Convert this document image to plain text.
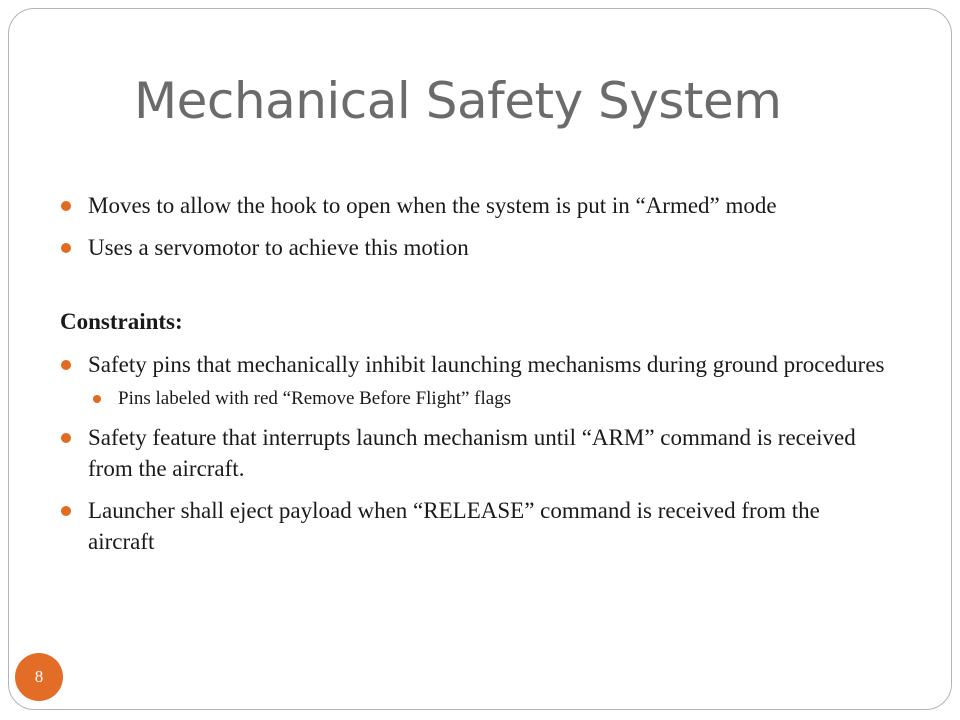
Mechanical Safety System

Moves to allow the hook to open when the system is put in “Armed” mode

Uses a servomotor to achieve this motion

Constraints:

Safety pins that mechanically inhibit launching mechanisms during ground procedures

Pins labeled with red “Remove Before Flight” flags

Safety feature that interrupts launch mechanism until “ARM” command is received from the aircraft.

Launcher shall eject payload when “RELEASE” command is received from the aircraft

8
